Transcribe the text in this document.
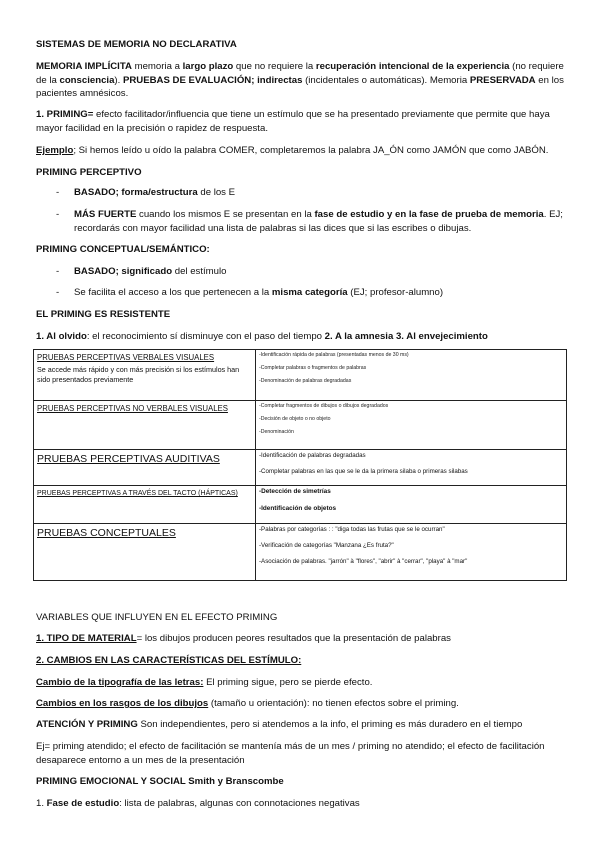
SISTEMAS DE MEMORIA NO DECLARATIVA
MEMORIA IMPLÍCITA memoria a largo plazo que no requiere la recuperación intencional de la experiencia (no requiere de la consciencia). PRUEBAS DE EVALUACIÓN; indirectas (incidentales o automáticas). Memoria PRESERVADA en los pacientes amnésicos.
1. PRIMING= efecto facilitador/influencia que tiene un estímulo que se ha presentado previamente que permite que haya mayor facilidad en la precisión o rapidez de respuesta.
Ejemplo; Si hemos leído u oído la palabra COMER, completaremos la palabra JA_ÓN como JAMÓN que como JABÓN.
PRIMING PERCEPTIVO
- BASADO; forma/estructura de los E
- MÁS FUERTE cuando los mismos E se presentan en la fase de estudio y en la fase de prueba de memoria. EJ; recordarás con mayor facilidad una lista de palabras si las dices que si las escribes o dibujas.
PRIMING CONCEPTUAL/SEMÁNTICO:
- BASADO; significado del estímulo
- Se facilita el acceso a los que pertenecen a la misma categoría (EJ; profesor-alumno)
EL PRIMING ES RESISTENTE
1. Al olvido: el reconocimiento sí disminuye con el paso del tiempo 2. A la amnesia 3. Al envejecimiento
PRUEBAS PERCEPTIVAS VERBALES VISUALES
Se accede más rápido y con más precisión si los estímulos han sido presentados previamente	-Identificación rápida de palabras (presentadas menos de 30 ms)
-Completar palabras o fragmentos de palabras
-Denominación de palabras degradadas

PRUEBAS PERCEPTIVAS NO VERBALES VISUALES	-Completar fragmentos de dibujos o dibujos degradados
-Decisión de objeto o no objeto
-Denominación

PRUEBAS PERCEPTIVAS AUDITIVAS	-Identificación de palabras degradadas
-Completar palabras en las que se le da la primera silaba o primeras silabas

PRUEBAS PERCEPTIVAS A TRAVÉS DEL TACTO (HÁPTICAS)	-Detección de simetrías
-Identificación de objetos

PRUEBAS CONCEPTUALES	-Palabras por categorías : : "diga todas las frutas que se le ocurran"
-Verificación de categorías "Manzana ¿Es fruta?"
-Asociación de palabras. "jarrón" à "flores", "abrir" à "cerrar", "playa" à "mar"
VARIABLES QUE INFLUYEN EN EL EFECTO PRIMING
1. TIPO DE MATERIAL= los dibujos producen peores resultados que la presentación de palabras
2. CAMBIOS EN LAS CARACTERÍSTICAS DEL ESTÍMULO:
Cambio de la tipografía de las letras: El priming sigue, pero se pierde efecto.
Cambios en los rasgos de los dibujos (tamaño u orientación): no tienen efectos sobre el priming.
ATENCIÓN Y PRIMING Son independientes, pero si atendemos a la info, el priming es más duradero en el tiempo
Ej= priming atendido; el efecto de facilitación se mantenía más de un mes / priming no atendido; el efecto de facilitación desaparece entorno a un mes de la presentación
PRIMING EMOCIONAL Y SOCIAL Smith y Branscombe
1. Fase de estudio: lista de palabras, algunas con connotaciones negativas
